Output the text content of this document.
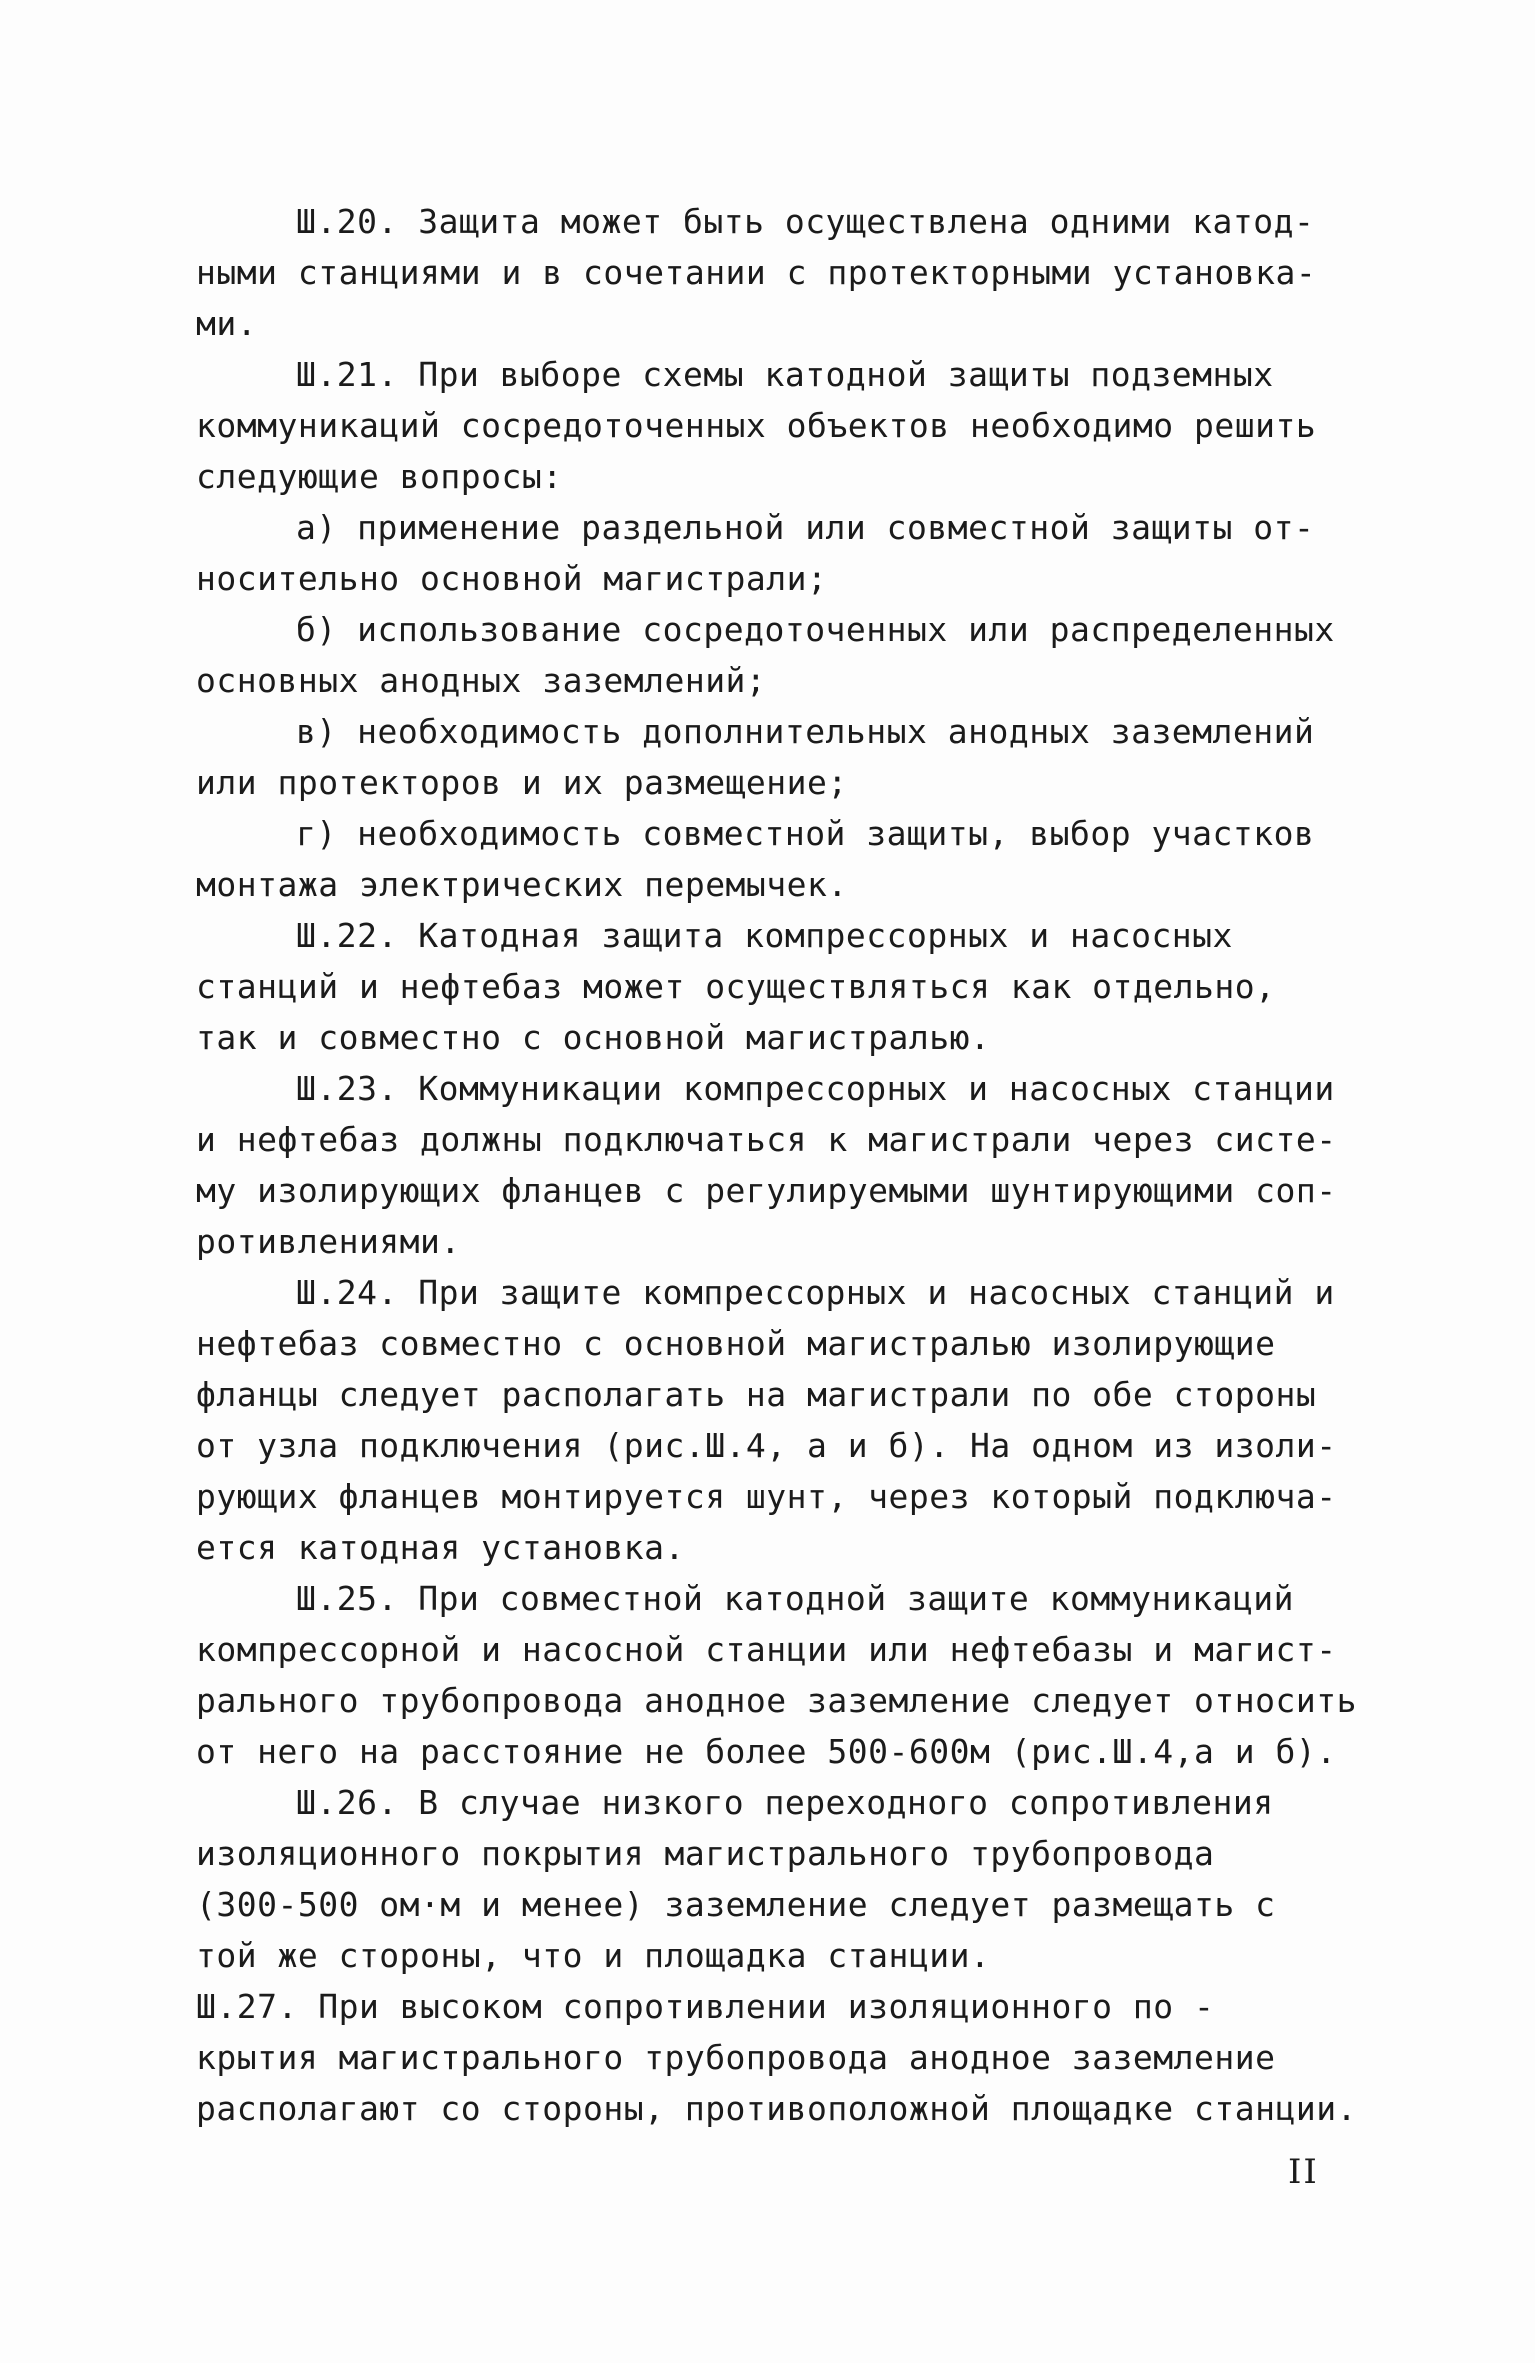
Ш.20. Защита может быть осуществлена одними катод-
ными станциями и в сочетании с протекторными установка-
ми.
Ш.21. При выборе схемы катодной защиты подземных
коммуникаций сосредоточенных объектов необходимо решить
следующие вопросы:
а) применение раздельной или совместной защиты от-
носительно основной магистрали;
б) использование сосредоточенных или распределенных
основных анодных заземлений;
в) необходимость дополнительных анодных заземлений
или протекторов и их размещение;
г) необходимость совместной защиты, выбор участков
монтажа электрических перемычек.
Ш.22. Катодная защита компрессорных и насосных
станций и нефтебаз может осуществляться как отдельно,
так и совместно с основной магистралью.
Ш.23. Коммуникации компрессорных и насосных станции
и нефтебаз должны подключаться к магистрали через систе-
му изолирующих фланцев с регулируемыми шунтирующими соп-
ротивлениями.
Ш.24. При защите компрессорных и насосных станций и
нефтебаз совместно с основной магистралью изолирующие
фланцы следует располагать на магистрали по обе стороны
от узла подключения (рис.Ш.4, а и б). На одном из изоли-
рующих фланцев монтируется шунт, через который подключа-
ется катодная установка.
Ш.25. При совместной катодной защите коммуникаций
компрессорной и насосной станции или нефтебазы и магист-
рального трубопровода анодное заземление следует относить
от него на расстояние не более 500-600м (рис.Ш.4,а и б).
Ш.26. В случае низкого переходного сопротивления
изоляционного покрытия магистрального трубопровода
(300-500 ом·м и менее) заземление следует размещать с
той же стороны, что и площадка станции.
Ш.27. При высоком сопротивлении изоляционного по -
крытия магистрального трубопровода анодное заземление
располагают со стороны, противоположной площадке станции.
II
